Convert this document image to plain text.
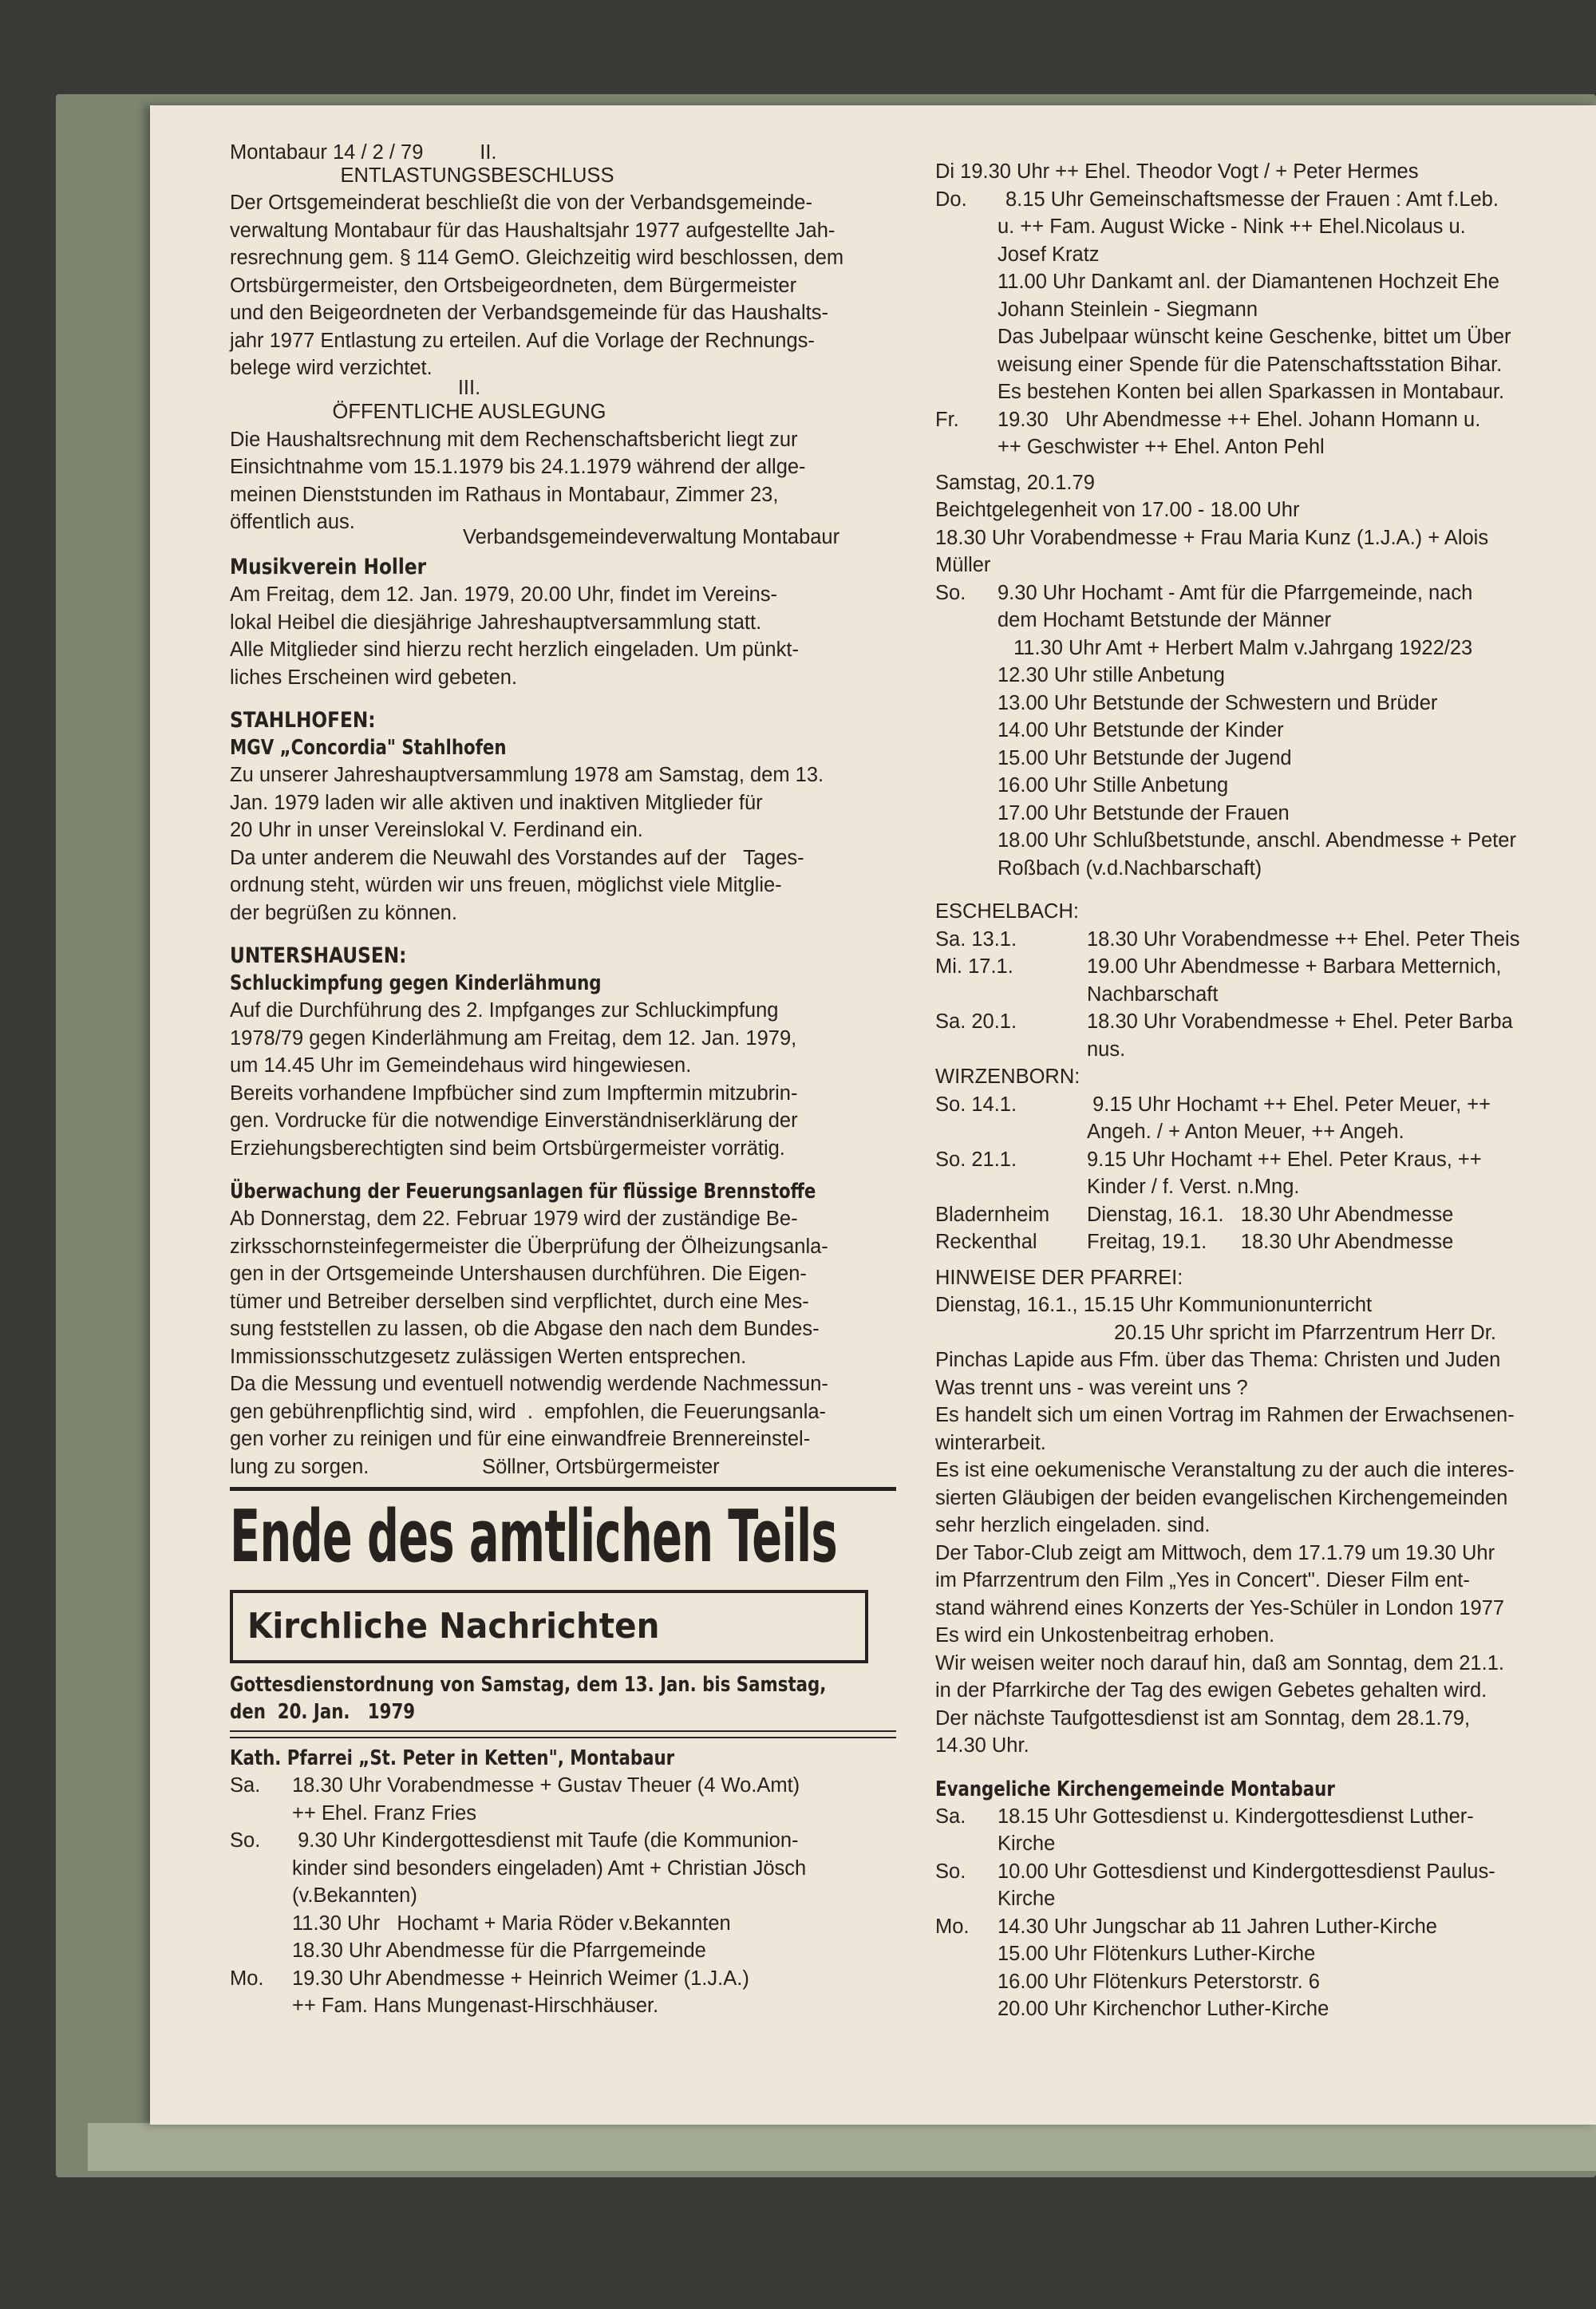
Montabaur 14 / 2 / 79          II.
ENTLASTUNGSBESCHLUSS
Der Ortsgemeinderat beschließt die von der Verbandsgemeinde-
verwaltung Montabaur für das Haushaltsjahr 1977 aufgestellte Jah-
resrechnung gem. § 114 GemO. Gleichzeitig wird beschlossen, dem
Ortsbürgermeister, den Ortsbeigeordneten, dem Bürgermeister
und den Beigeordneten der Verbandsgemeinde für das Haushalts-
jahr 1977 Entlastung zu erteilen. Auf die Vorlage der Rechnungs-
belege wird verzichtet.
III.
ÖFFENTLICHE AUSLEGUNG
Die Haushaltsrechnung mit dem Rechenschaftsbericht liegt zur
Einsichtnahme vom 15.1.1979 bis 24.1.1979 während der allge-
meinen Dienststunden im Rathaus in Montabaur, Zimmer 23,
öffentlich aus.
Verbandsgemeindeverwaltung Montabaur
Musikverein Holler
Am Freitag, dem 12. Jan. 1979, 20.00 Uhr, findet im Vereins-
lokal Heibel die diesjährige Jahreshauptversammlung statt.
Alle Mitglieder sind hierzu recht herzlich eingeladen. Um pünkt-
liches Erscheinen wird gebeten.
STAHLHOFEN:
MGV „Concordia" Stahlhofen
Zu unserer Jahreshauptversammlung 1978 am Samstag, dem 13.
Jan. 1979 laden wir alle aktiven und inaktiven Mitglieder für
20 Uhr in unser Vereinslokal V. Ferdinand ein.
Da unter anderem die Neuwahl des Vorstandes auf der   Tages-
ordnung steht, würden wir uns freuen, möglichst viele Mitglie-
der begrüßen zu können.
UNTERSHAUSEN:
Schluckimpfung gegen Kinderlähmung
Auf die Durchführung des 2. Impfganges zur Schluckimpfung
1978/79 gegen Kinderlähmung am Freitag, dem 12. Jan. 1979,
um 14.45 Uhr im Gemeindehaus wird hingewiesen.
Bereits vorhandene Impfbücher sind zum Impftermin mitzubrin-
gen. Vordrucke für die notwendige Einverständniserklärung der
Erziehungsberechtigten sind beim Ortsbürgermeister vorrätig.
Überwachung der Feuerungsanlagen für flüssige Brennstoffe
Ab Donnerstag, dem 22. Februar 1979 wird der zuständige Be-
zirksschornsteinfegermeister die Überprüfung der Ölheizungsanla-
gen in der Ortsgemeinde Untershausen durchführen. Die Eigen-
tümer und Betreiber derselben sind verpflichtet, durch eine Mes-
sung feststellen zu lassen, ob die Abgase den nach dem Bundes-
Immissionsschutzgesetz zulässigen Werten entsprechen.
Da die Messung und eventuell notwendig werdende Nachmessun-
gen gebührenpflichtig sind, wird  .  empfohlen, die Feuerungsanla-
gen vorher zu reinigen und für eine einwandfreie Brennereinstel-
lung zu sorgen.                    Söllner, Ortsbürgermeister
Ende des amtlichen Teils
Kirchliche Nachrichten
Gottesdienstordnung von Samstag, dem 13. Jan. bis Samstag,
den  20. Jan.   1979
Kath. Pfarrei „St. Peter in Ketten", Montabaur
Sa.	18.30 Uhr Vorabendmesse + Gustav Theuer (4 Wo.Amt)
++ Ehel. Franz Fries
So.	9.30 Uhr Kindergottesdienst mit Taufe (die Kommunion-
kinder sind besonders eingeladen) Amt + Christian Jösch
(v.Bekannten)
11.30 Uhr   Hochamt + Maria Röder v.Bekannten
18.30 Uhr Abendmesse für die Pfarrgemeinde
Mo.	19.30 Uhr Abendmesse + Heinrich Weimer (1.J.A.)
++ Fam. Hans Mungenast-Hirschhäuser.
Di 19.30 Uhr ++ Ehel. Theodor Vogt / + Peter Hermes
Do.	8.15 Uhr Gemeinschaftsmesse der Frauen : Amt f.Leb.
u. ++ Fam. August Wicke - Nink ++ Ehel.Nicolaus u.
Josef Kratz
11.00 Uhr Dankamt anl. der Diamantenen Hochzeit Ehe
Johann Steinlein - Siegmann
Das Jubelpaar wünscht keine Geschenke, bittet um Über
weisung einer Spende für die Patenschaftsstation Bihar.
Es bestehen Konten bei allen Sparkassen in Montabaur.
Fr.	19.30   Uhr Abendmesse ++ Ehel. Johann Homann u.
++ Geschwister ++ Ehel. Anton Pehl
Samstag, 20.1.79
Beichtgelegenheit von 17.00 - 18.00 Uhr
18.30 Uhr Vorabendmesse + Frau Maria Kunz (1.J.A.) + Alois
Müller
So.	9.30 Uhr Hochamt - Amt für die Pfarrgemeinde, nach
dem Hochamt Betstunde der Männer
11.30 Uhr Amt + Herbert Malm v.Jahrgang 1922/23
12.30 Uhr stille Anbetung
13.00 Uhr Betstunde der Schwestern und Brüder
14.00 Uhr Betstunde der Kinder
15.00 Uhr Betstunde der Jugend
16.00 Uhr Stille Anbetung
17.00 Uhr Betstunde der Frauen
18.00 Uhr Schlußbetstunde, anschl. Abendmesse + Peter
Roßbach (v.d.Nachbarschaft)
ESCHELBACH:
Sa. 13.1.	18.30 Uhr Vorabendmesse ++ Ehel. Peter Theis
Mi. 17.1.	19.00 Uhr Abendmesse + Barbara Metternich,
Nachbarschaft
Sa. 20.1.	18.30 Uhr Vorabendmesse + Ehel. Peter Barba
nus.
WIRZENBORN:
So. 14.1.	9.15 Uhr Hochamt ++ Ehel. Peter Meuer, ++
Angeh. / + Anton Meuer, ++ Angeh.
So. 21.1.	9.15 Uhr Hochamt ++ Ehel. Peter Kraus, ++
Kinder / f. Verst. n.Mng.
Bladernheim	Dienstag, 16.1.   18.30 Uhr Abendmesse
Reckenthal	Freitag, 19.1.      18.30 Uhr Abendmesse
HINWEISE DER PFARREI:
Dienstag, 16.1., 15.15 Uhr Kommunionunterricht
20.15 Uhr spricht im Pfarrzentrum Herr Dr.
Pinchas Lapide aus Ffm. über das Thema: Christen und Juden
Was trennt uns - was vereint uns ?
Es handelt sich um einen Vortrag im Rahmen der Erwachsenen-
winterarbeit.
Es ist eine oekumenische Veranstaltung zu der auch die interes-
sierten Gläubigen der beiden evangelischen Kirchengemeinden
sehr herzlich eingeladen. sind.
Der Tabor-Club zeigt am Mittwoch, dem 17.1.79 um 19.30 Uhr
im Pfarrzentrum den Film „Yes in Concert". Dieser Film ent-
stand während eines Konzerts der Yes-Schüler in London 1977
Es wird ein Unkostenbeitrag erhoben.
Wir weisen weiter noch darauf hin, daß am Sonntag, dem 21.1.
in der Pfarrkirche der Tag des ewigen Gebetes gehalten wird.
Der nächste Taufgottesdienst ist am Sonntag, dem 28.1.79,
14.30 Uhr.
Evangeliche Kirchengemeinde Montabaur
Sa.	18.15 Uhr Gottesdienst u. Kindergottesdienst Luther-
Kirche
So.	10.00 Uhr Gottesdienst und Kindergottesdienst Paulus-
Kirche
Mo.	14.30 Uhr Jungschar ab 11 Jahren Luther-Kirche
15.00 Uhr Flötenkurs Luther-Kirche
16.00 Uhr Flötenkurs Peterstorstr. 6
20.00 Uhr Kirchenchor Luther-Kirche
